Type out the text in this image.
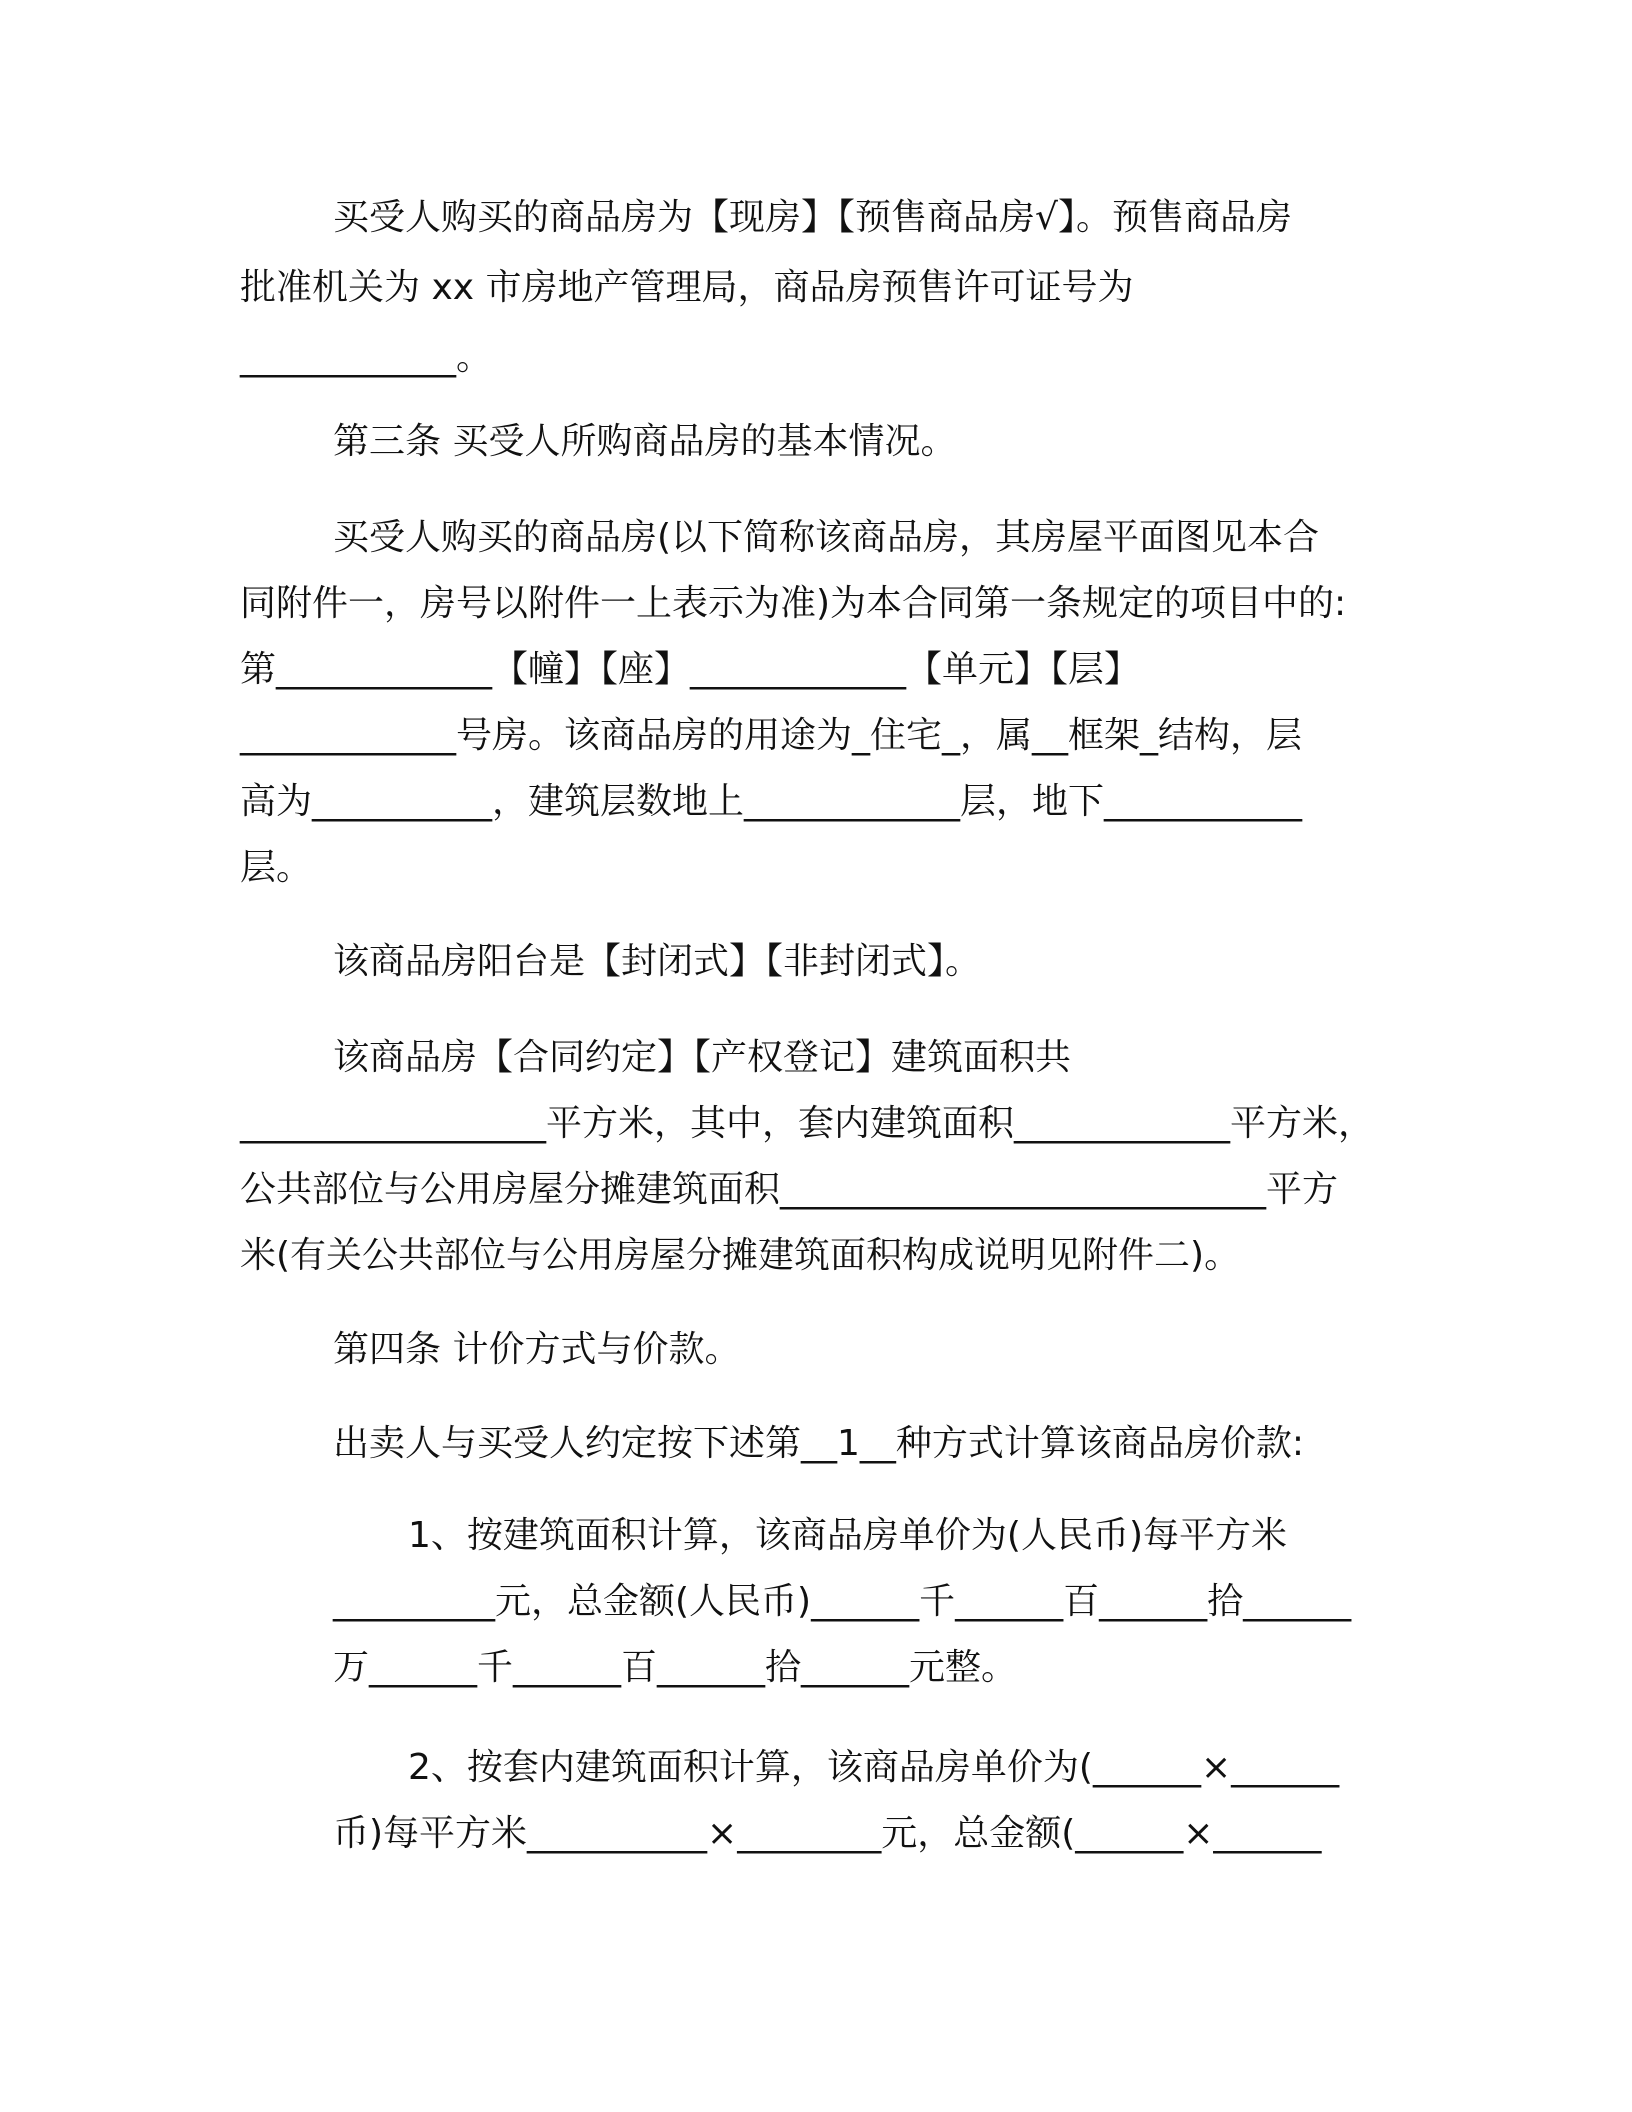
买受人购买的商品房为【现房】【预售商品房√】。预售商品房
批准机关为 xx 市房地产管理局，商品房预售许可证号为
____________。
第三条 买受人所购商品房的基本情况。
买受人购买的商品房(以下简称该商品房，其房屋平面图见本合
同附件一，房号以附件一上表示为准)为本合同第一条规定的项目中的:
第____________【幢】【座】____________【单元】【层】
____________号房。该商品房的用途为_住宅_，属__框架_结构，层
高为__________，建筑层数地上____________层，地下___________
层。
该商品房阳台是【封闭式】【非封闭式】。
该商品房【合同约定】【产权登记】建筑面积共
_________________平方米，其中，套内建筑面积____________平方米，
公共部位与公用房屋分摊建筑面积___________________________平方
米(有关公共部位与公用房屋分摊建筑面积构成说明见附件二)。
第四条 计价方式与价款。
出卖人与买受人约定按下述第__1__种方式计算该商品房价款:
1、按建筑面积计算，该商品房单价为(人民币)每平方米
_________元，总金额(人民币)______千______百______拾______
万______千______百______拾______元整。
2、按套内建筑面积计算，该商品房单价为(______×______
币)每平方米__________×________元，总金额(______×______
